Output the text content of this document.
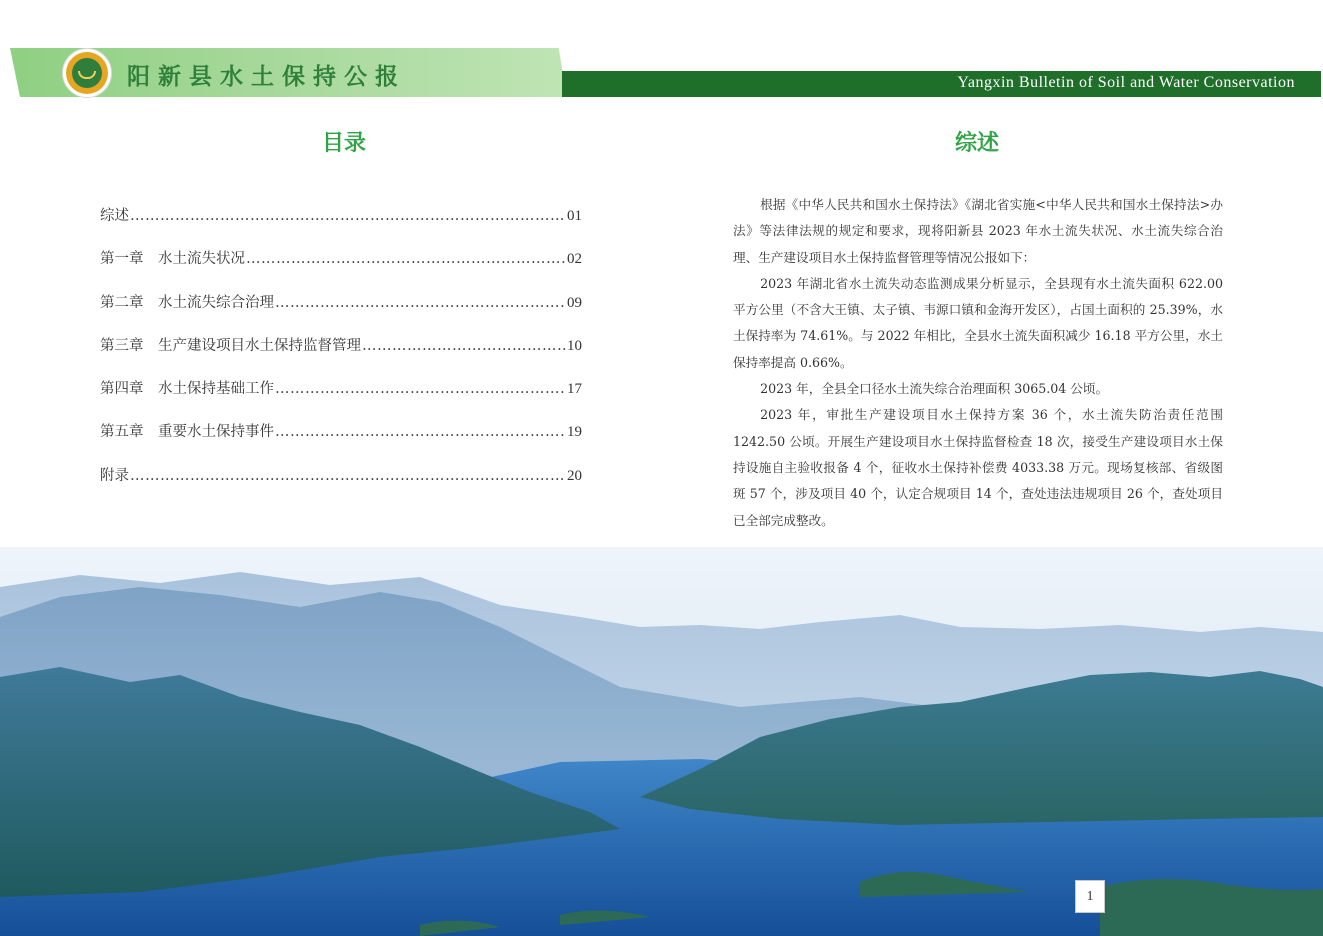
阳新县水土保持公报	Yangxin Bulletin of Soil and Water Conservation
目录
综述 ……………………………………………………………………………………………………………………………	01
第一章　水土流失状况 ……………………………………………………………………………………………………………………………	02
第二章　水土流失综合治理 ……………………………………………………………………………………………………………………………	09
第三章　生产建设项目水土保持监督管理 ……………………………………………………………………………………………………………………………	10
第四章　水土保持基础工作 ……………………………………………………………………………………………………………………………	17
第五章　重要水土保持事件 ……………………………………………………………………………………………………………………………	19
附录 ……………………………………………………………………………………………………………………………	20
综述

根据《中华人民共和国水土保持法》《湖北省实施<中华人民共和国水土保持法>办法》等法律法规的规定和要求，现将阳新县 2023 年水土流失状况、水土流失综合治理、生产建设项目水土保持监督管理等情况公报如下：

2023 年湖北省水土流失动态监测成果分析显示，全县现有水土流失面积 622.00 平方公里（不含大王镇、太子镇、韦源口镇和金海开发区），占国土面积的 25.39%，水土保持率为 74.61%。与 2022 年相比，全县水土流失面积减少 16.18 平方公里，水土保持率提高 0.66%。

2023 年，全县全口径水土流失综合治理面积 3065.04 公顷。

2023 年，审批生产建设项目水土保持方案 36 个，水土流失防治责任范围 1242.50 公顷。开展生产建设项目水土保持监督检查 18 次，接受生产建设项目水土保持设施自主验收报备 4 个，征收水土保持补偿费 4033.38 万元。现场复核部、省级图斑 57 个，涉及项目 40 个，认定合规项目 14 个，查处违法违规项目 26 个，查处项目已全部完成整改。

1
